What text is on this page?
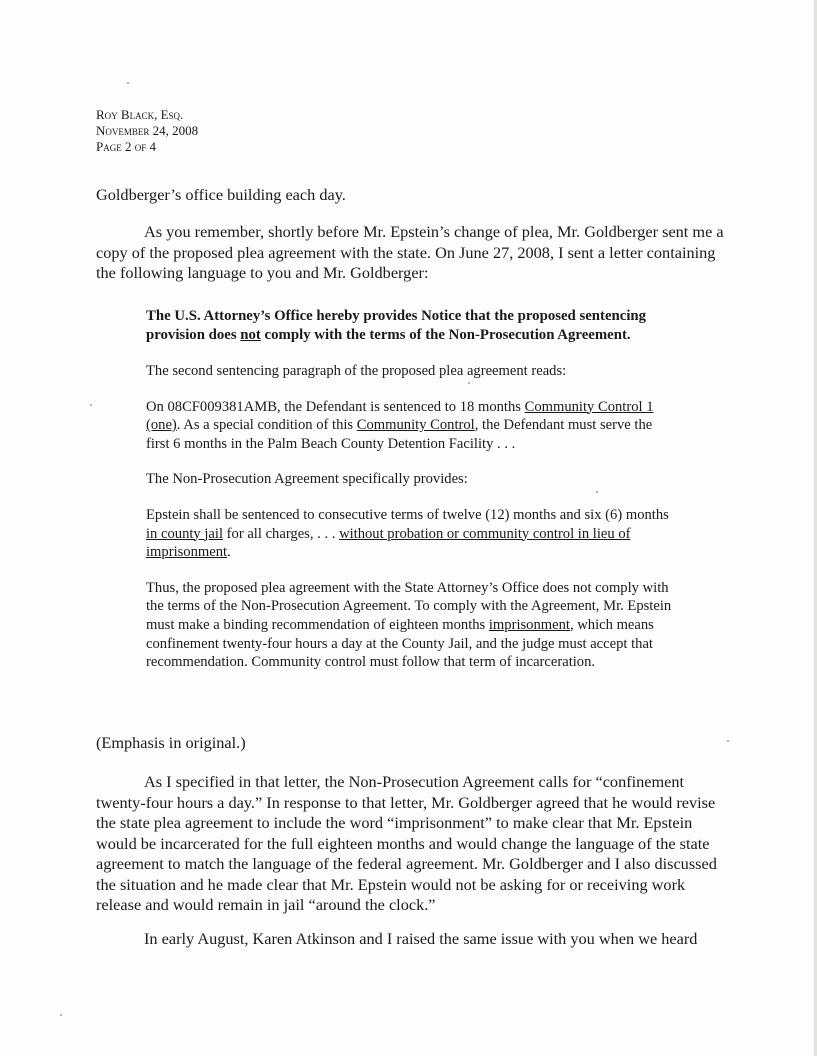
Roy Black, Esq.
November 24, 2008
Page 2 of 4

Goldberger’s office building each day.

As you remember, shortly before Mr. Epstein’s change of plea, Mr. Goldberger sent me a copy of the proposed plea agreement with the state. On June 27, 2008, I sent a letter containing the following language to you and Mr. Goldberger:

The U.S. Attorney’s Office hereby provides Notice that the proposed sentencing provision does not comply with the terms of the Non-Prosecution Agreement.

The second sentencing paragraph of the proposed plea agreement reads:

On 08CF009381AMB, the Defendant is sentenced to 18 months Community Control 1 (one). As a special condition of this Community Control, the Defendant must serve the first 6 months in the Palm Beach County Detention Facility . . .

The Non-Prosecution Agreement specifically provides:

Epstein shall be sentenced to consecutive terms of twelve (12) months and six (6) months in county jail for all charges, . . . without probation or community control in lieu of imprisonment.

Thus, the proposed plea agreement with the State Attorney’s Office does not comply with the terms of the Non-Prosecution Agreement. To comply with the Agreement, Mr. Epstein must make a binding recommendation of eighteen months imprisonment, which means confinement twenty-four hours a day at the County Jail, and the judge must accept that recommendation. Community control must follow that term of incarceration.

(Emphasis in original.)

As I specified in that letter, the Non-Prosecution Agreement calls for “confinement twenty-four hours a day.” In response to that letter, Mr. Goldberger agreed that he would revise the state plea agreement to include the word “imprisonment” to make clear that Mr. Epstein would be incarcerated for the full eighteen months and would change the language of the state agreement to match the language of the federal agreement. Mr. Goldberger and I also discussed the situation and he made clear that Mr. Epstein would not be asking for or receiving work release and would remain in jail “around the clock.”

In early August, Karen Atkinson and I raised the same issue with you when we heard
